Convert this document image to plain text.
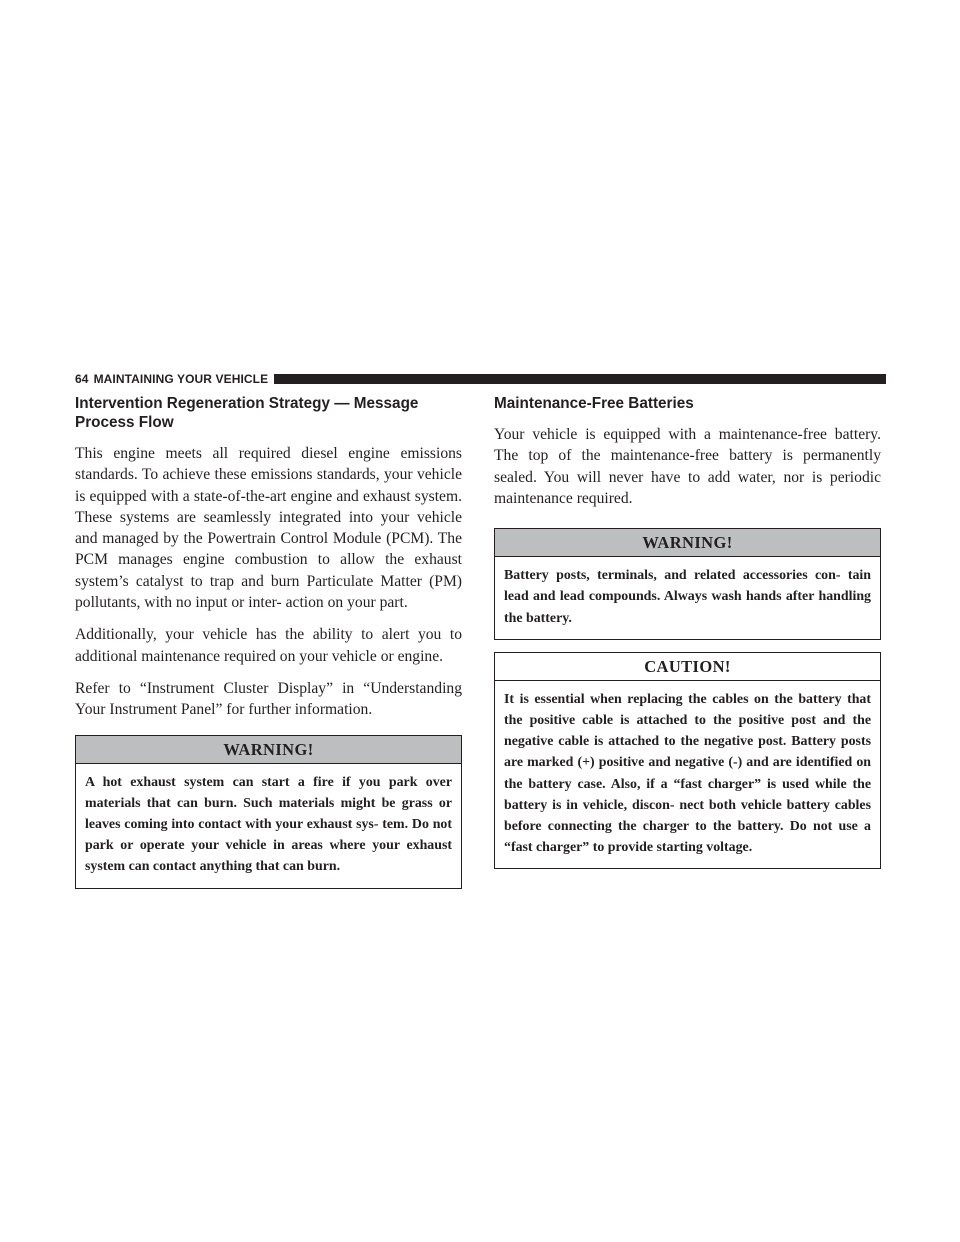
64 MAINTAINING YOUR VEHICLE
Intervention Regeneration Strategy — Message Process Flow

This engine meets all required diesel engine emissions standards. To achieve these emissions standards, your vehicle is equipped with a state-of-the-art engine and exhaust system. These systems are seamlessly integrated into your vehicle and managed by the Powertrain Control Module (PCM). The PCM manages engine combustion to allow the exhaust system’s catalyst to trap and burn Particulate Matter (PM) pollutants, with no input or inter- action on your part.

Additionally, your vehicle has the ability to alert you to additional maintenance required on your vehicle or engine.

Refer to “Instrument Cluster Display” in “Understanding Your Instrument Panel” for further information.

WARNING!

A hot exhaust system can start a fire if you park over materials that can burn. Such materials might be grass or leaves coming into contact with your exhaust sys- tem. Do not park or operate your vehicle in areas where your exhaust system can contact anything that can burn.

Maintenance-Free Batteries

Your vehicle is equipped with a maintenance-free battery. The top of the maintenance-free battery is permanently sealed. You will never have to add water, nor is periodic maintenance required.

WARNING!

Battery posts, terminals, and related accessories con- tain lead and lead compounds. Always wash hands after handling the battery.

CAUTION!

It is essential when replacing the cables on the battery that the positive cable is attached to the positive post and the negative cable is attached to the negative post. Battery posts are marked (+) positive and negative (-) and are identified on the battery case. Also, if a “fast charger” is used while the battery is in vehicle, discon- nect both vehicle battery cables before connecting the charger to the battery. Do not use a “fast charger” to provide starting voltage.
